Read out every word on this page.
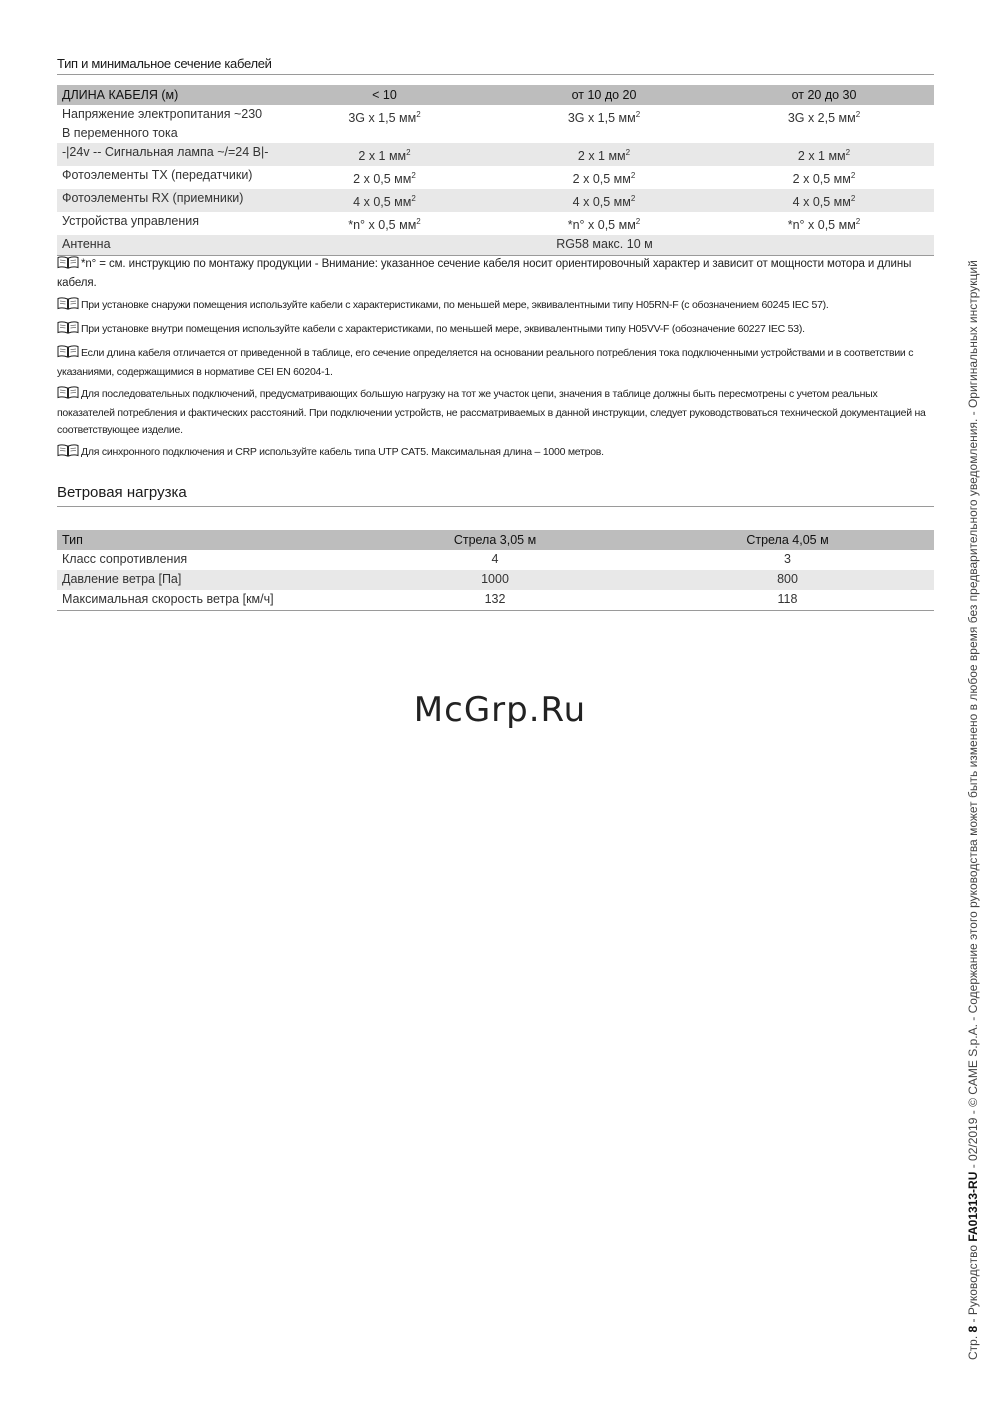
Тип и минимальное сечение кабелей
ДЛИНА КАБЕЛЯ (м)	< 10	от 10 до 20	от 20 до 30
Напряжение электропитания ~230 В переменного тока	3G x 1,5 $мм^2$	3G x 1,5 $мм^2$	3G x 2,5 $мм^2$
-|24v -- Сигнальная лампа ~/=24 В|-	2 x 1 $мм^2$	2 x 1 $мм^2$	2 x 1 $мм^2$
Фотоэлементы TX (передатчики)	2 x 0,5 $мм^2$	2 x 0,5 $мм^2$	2 x 0,5 $мм^2$
Фотоэлементы RX (приемники)	4 x 0,5 $мм^2$	4 x 0,5 $мм^2$	4 x 0,5 $мм^2$
Устройства управления	*n° x 0,5 $мм^2$	*n° x 0,5 $мм^2$	*n° x 0,5 $мм^2$
Антенна	RG58 макс. 10 м		
*n° = см. инструкцию по монтажу продукции - Внимание: указанное сечение кабеля носит ориентировочный характер и зависит от мощности мотора и длины кабеля.
При установке снаружи помещения используйте кабели с характеристиками, по меньшей мере, эквивалентными типу H05RN-F (с обозначением 60245 IEC 57).
При установке внутри помещения используйте кабели с характеристиками, по меньшей мере, эквивалентными типу H05VV-F (обозначение 60227 IEC 53).
Если длина кабеля отличается от приведенной в таблице, его сечение определяется на основании реального потребления тока подключенными устройствами и в соответствии с указаниями, содержащимися в нормативе CEI EN 60204-1.
Для последовательных подключений, предусматривающих большую нагрузку на тот же участок цепи, значения в таблице должны быть пересмотрены с учетом реальных показателей потребления и фактических расстояний. При подключении устройств, не рассматриваемых в данной инструкции, следует руководствоваться технической документацией на соответствующее изделие.
Для синхронного подключения и CRP используйте кабель типа UTP CAT5. Максимальная длина – 1000 метров.
Ветровая нагрузка
Тип	Стрела 3,05 м	Стрела 4,05 м
Класс сопротивления	4	3
Давление ветра [Па]	1000	800
Максимальная скорость ветра [км/ч]	132	118
McGrp.Ru
Стр. 8 - Руководство FA01313-RU - 02/2019 - © CAME S.p.A. - Содержание этого руководства может быть изменено в любое время без предварительного уведомления. - Оригинальных инструкций
